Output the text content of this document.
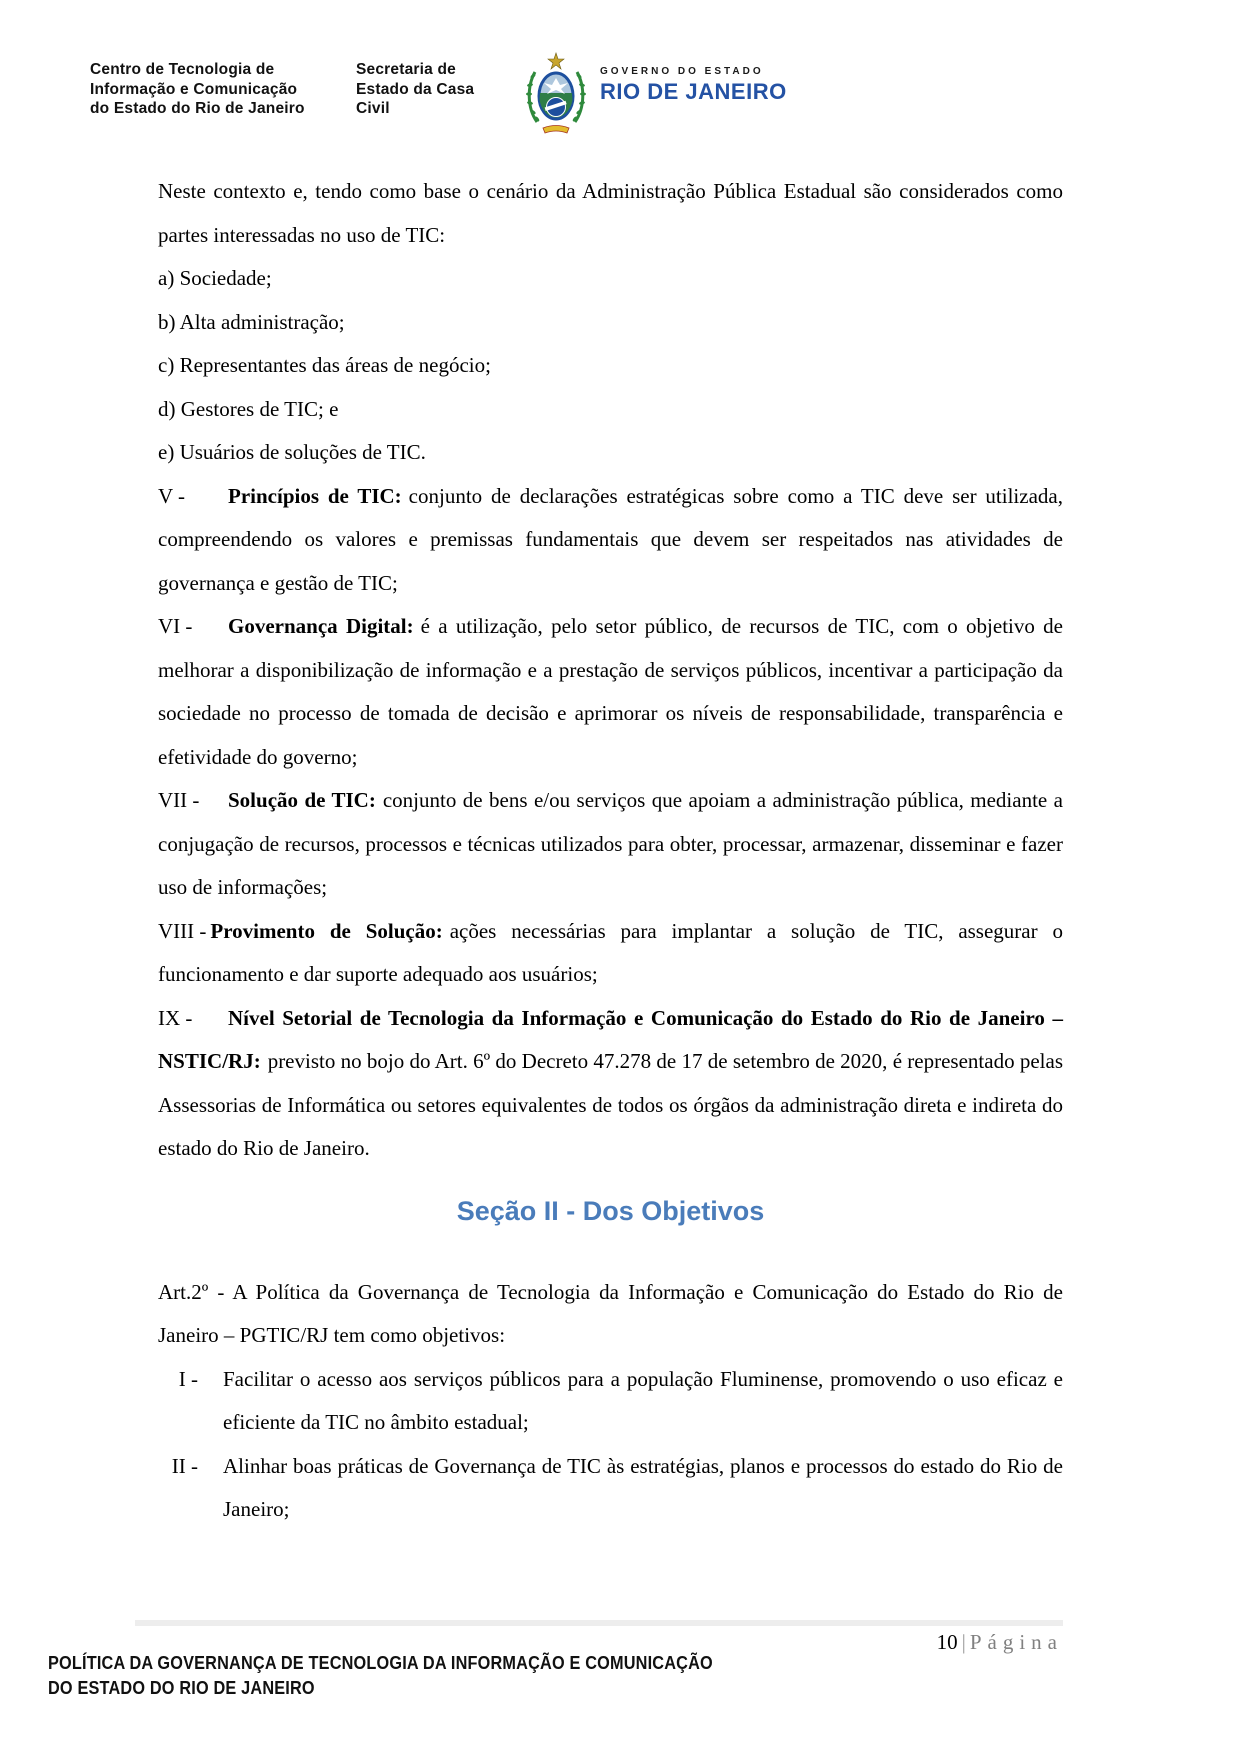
Centro de Tecnologia de
Informação e Comunicação
do Estado do Rio de Janeiro
Secretaria de
Estado da Casa
Civil
GOVERNO DO ESTADO
RIO DE JANEIRO

Neste contexto e, tendo como base o cenário da Administração Pública Estadual são considerados como partes interessadas no uso de TIC:

a) Sociedade;

b) Alta administração;

c) Representantes das áreas de negócio;

d) Gestores de TIC; e

e) Usuários de soluções de TIC.

V - Princípios de TIC: conjunto de declarações estratégicas sobre como a TIC deve ser utilizada, compreendendo os valores e premissas fundamentais que devem ser respeitados nas atividades de governança e gestão de TIC;

VI - Governança Digital: é a utilização, pelo setor público, de recursos de TIC, com o objetivo de melhorar a disponibilização de informação e a prestação de serviços públicos, incentivar a participação da sociedade no processo de tomada de decisão e aprimorar os níveis de responsabilidade, transparência e efetividade do governo;

VII - Solução de TIC: conjunto de bens e/ou serviços que apoiam a administração pública, mediante a conjugação de recursos, processos e técnicas utilizados para obter, processar, armazenar, disseminar e fazer uso de informações;

VIII - Provimento de Solução: ações necessárias para implantar a solução de TIC, assegurar o funcionamento e dar suporte adequado aos usuários;

IX - Nível Setorial de Tecnologia da Informação e Comunicação do Estado do Rio de Janeiro – NSTIC/RJ: previsto no bojo do Art. 6º do Decreto 47.278 de 17 de setembro de 2020, é representado pelas Assessorias de Informática ou setores equivalentes de todos os órgãos da administração direta e indireta do estado do Rio de Janeiro.

Seção II - Dos Objetivos

Art.2º - A Política da Governança de Tecnologia da Informação e Comunicação do Estado do Rio de Janeiro – PGTIC/RJ tem como objetivos:

I - Facilitar o acesso aos serviços públicos para a população Fluminense, promovendo o uso eficaz e eficiente da TIC no âmbito estadual;

II - Alinhar boas práticas de Governança de TIC às estratégias, planos e processos do estado do Rio de Janeiro;

10 | Página
POLÍTICA DA GOVERNANÇA DE TECNOLOGIA DA INFORMAÇÃO E COMUNICAÇÃO
DO ESTADO DO RIO DE JANEIRO
